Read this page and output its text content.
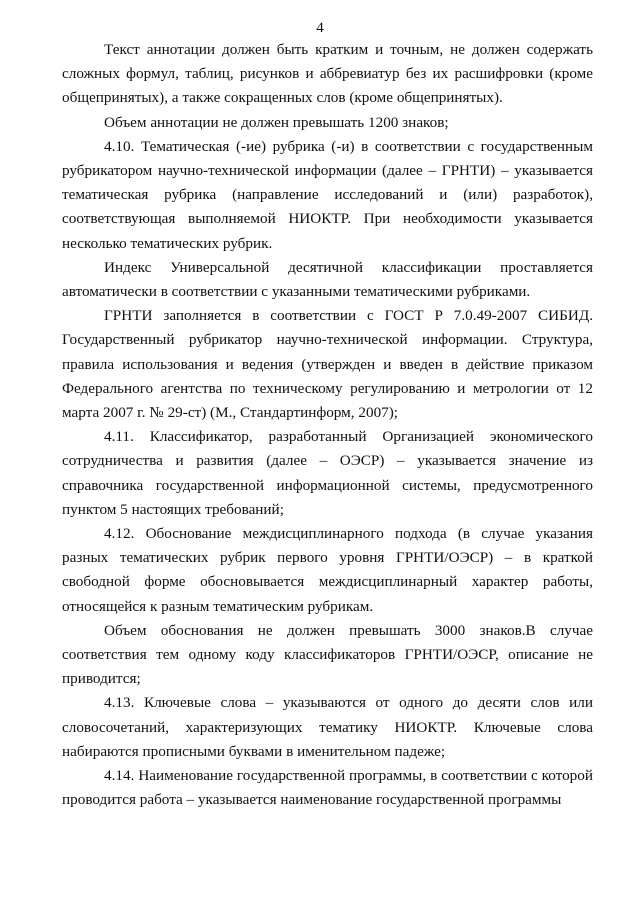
4

Текст аннотации должен быть кратким и точным, не должен содержать сложных формул, таблиц, рисунков и аббревиатур без их расшифровки (кроме общепринятых), а также сокращенных слов (кроме общепринятых).

Объем аннотации не должен превышать 1200 знаков;

4.10. Тематическая (-ие) рубрика (-и) в соответствии с государственным рубрикатором научно-технической информации (далее – ГРНТИ) – указывается тематическая рубрика (направление исследований и (или) разработок), соответствующая выполняемой НИОКТР. При необходимости указывается несколько тематических рубрик.

Индекс Универсальной десятичной классификации проставляется автоматически в соответствии с указанными тематическими рубриками.

ГРНТИ заполняется в соответствии с ГОСТ Р 7.0.49-2007 СИБИД. Государственный рубрикатор научно-технической информации. Структура, правила использования и ведения (утвержден и введен в действие приказом Федерального агентства по техническому регулированию и метрологии от 12 марта 2007 г. № 29-ст) (М., Стандартинформ, 2007);

4.11. Классификатор, разработанный Организацией экономического сотрудничества и развития (далее – ОЭСР) – указывается значение из справочника государственной информационной системы, предусмотренного пунктом 5 настоящих требований;

4.12. Обоснование междисциплинарного подхода (в случае указания разных тематических рубрик первого уровня ГРНТИ/ОЭСР) – в краткой свободной форме обосновывается междисциплинарный характер работы, относящейся к разным тематическим рубрикам.

Объем обоснования не должен превышать 3000 знаков.В случае соответствия тем одному коду классификаторов ГРНТИ/ОЭСР, описание не приводится;

4.13. Ключевые слова – указываются от одного до десяти слов или словосочетаний, характеризующих тематику НИОКТР. Ключевые слова набираются прописными буквами в именительном падеже;

4.14. Наименование государственной программы, в соответствии с которой проводится работа – указывается наименование государственной программы
